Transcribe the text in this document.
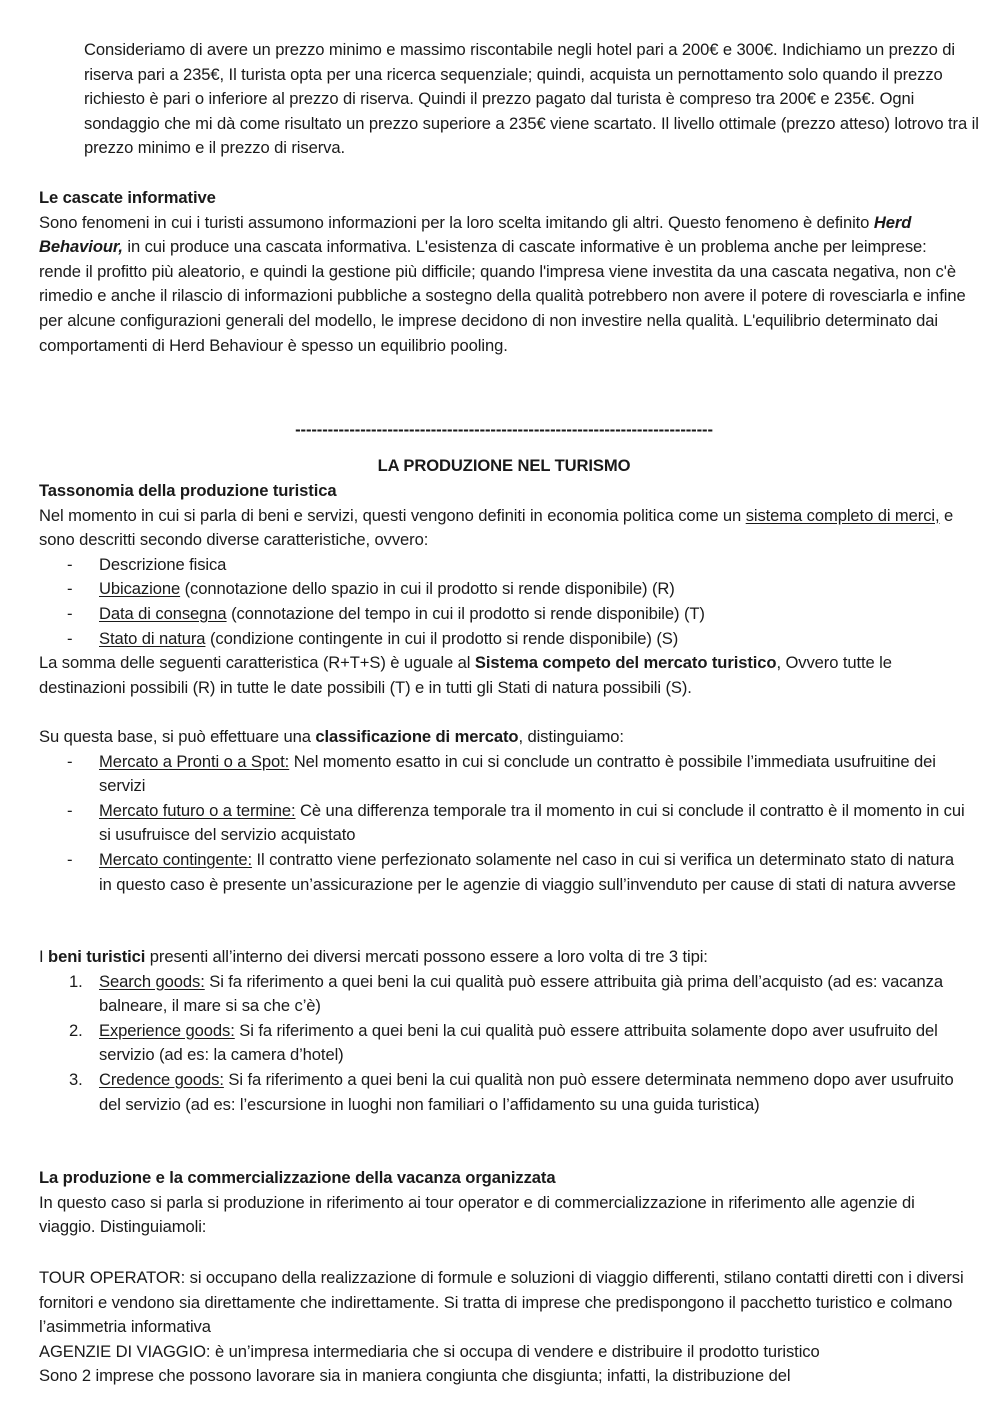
Consideriamo di avere un prezzo minimo e massimo riscontabile negli hotel pari a 200€ e 300€. Indichiamo un prezzo di riserva pari a 235€, Il turista opta per una ricerca sequenziale; quindi, acquista un pernottamento solo quando il prezzo richiesto è pari o inferiore al prezzo di riserva. Quindi il prezzo pagato dal turista è compreso tra 200€ e 235€. Ogni sondaggio che mi dà come risultato un prezzo superiore a 235€ viene scartato. Il livello ottimale (prezzo atteso) lotrovo tra il prezzo minimo e il prezzo di riserva.

Le cascate informative

Sono fenomeni in cui i turisti assumono informazioni per la loro scelta imitando gli altri. Questo fenomeno è definito Herd Behaviour, in cui produce una cascata informativa. L'esistenza di cascate informative è un problema anche per leimprese: rende il profitto più aleatorio, e quindi la gestione più difficile; quando l'impresa viene investita da una cascata negativa, non c'è rimedio e anche il rilascio di informazioni pubbliche a sostegno della qualità potrebbero non avere il potere di rovesciarla e infine per alcune configurazioni generali del modello, le imprese decidono di non investire nella qualità. L'equilibrio determinato dai comportamenti di Herd Behaviour è spesso un equilibrio pooling.

-----------------------------------------------------------------------------
LA PRODUZIONE NEL TURISMO
Tassonomia della produzione turistica

Nel momento in cui si parla di beni e servizi, questi vengono definiti in economia politica come un sistema completo di merci, e sono descritti secondo diverse caratteristiche, ovvero:

- Descrizione fisica
- Ubicazione (connotazione dello spazio in cui il prodotto si rende disponibile) (R)
- Data di consegna (connotazione del tempo in cui il prodotto si rende disponibile) (T)
- Stato di natura (condizione contingente in cui il prodotto si rende disponibile) (S)

La somma delle seguenti caratteristica (R+T+S) è uguale al Sistema competo del mercato turistico, Ovvero tutte le destinazioni possibili (R) in tutte le date possibili (T) e in tutti gli Stati di natura possibili (S).

Su questa base, si può effettuare una classificazione di mercato, distinguiamo:

- Mercato a Pronti o a Spot: Nel momento esatto in cui si conclude un contratto è possibile l’immediata usufruitine dei servizi
- Mercato futuro o a termine: Cè una differenza temporale tra il momento in cui si conclude il contratto è il momento in cui si usufruisce del servizio acquistato
- Mercato contingente: Il contratto viene perfezionato solamente nel caso in cui si verifica un determinato stato di natura in questo caso è presente un’assicurazione per le agenzie di viaggio sull’invenduto per cause di stati di natura avverse

I beni turistici presenti all’interno dei diversi mercati possono essere a loro volta di tre 3 tipi:

1. Search goods: Si fa riferimento a quei beni la cui qualità può essere attribuita già prima dell’acquisto (ad es: vacanza balneare, il mare si sa che c’è)
2. Experience goods: Si fa riferimento a quei beni la cui qualità può essere attribuita solamente dopo aver usufruito del servizio (ad es: la camera d’hotel)
3. Credence goods: Si fa riferimento a quei beni la cui qualità non può essere determinata nemmeno dopo aver usufruito del servizio (ad es: l’escursione in luoghi non familiari o l’affidamento su una guida turistica)
La produzione e la commercializzazione della vacanza organizzata

In questo caso si parla si produzione in riferimento ai tour operator e di commercializzazione in riferimento alle agenzie di viaggio. Distinguiamoli:

TOUR OPERATOR: si occupano della realizzazione di formule e soluzioni di viaggio differenti, stilano contatti diretti con i diversi fornitori e vendono sia direttamente che indirettamente. Si tratta di imprese che predispongono il pacchetto turistico e colmano l’asimmetria informativa

AGENZIE DI VIAGGIO: è un’impresa intermediaria che si occupa di vendere e distribuire il prodotto turistico

Sono 2 imprese che possono lavorare sia in maniera congiunta che disgiunta; infatti, la distribuzione del
